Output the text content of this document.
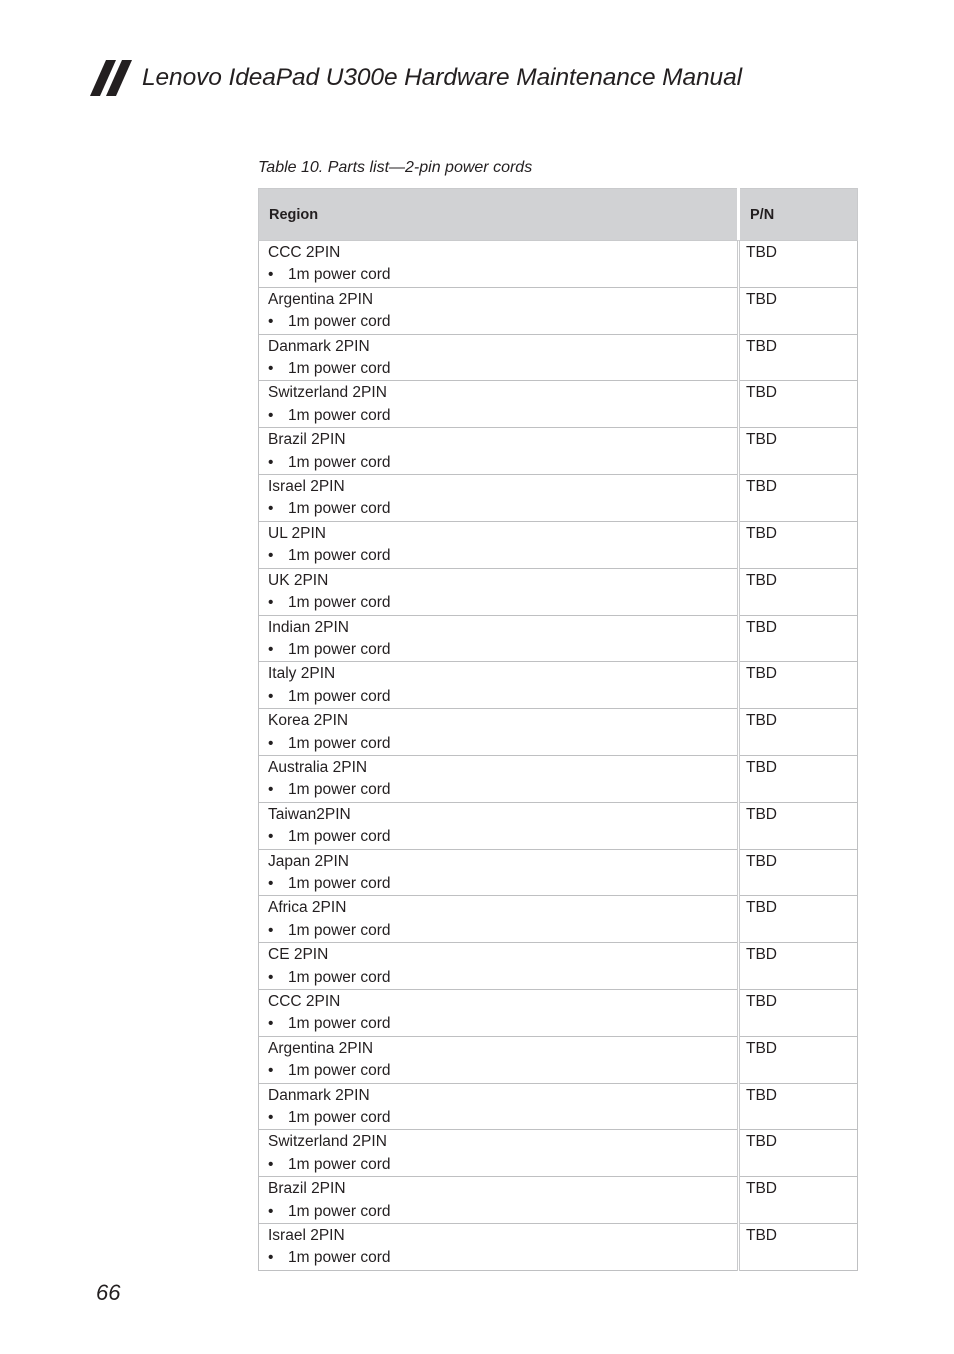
Lenovo IdeaPad U300e Hardware Maintenance Manual
Table 10. Parts list—2-pin power cords
Region	P/N

CCC 2PIN
• 1m power cord	TBD

Argentina 2PIN
• 1m power cord	TBD

Danmark 2PIN
• 1m power cord	TBD

Switzerland 2PIN
• 1m power cord	TBD

Brazil 2PIN
• 1m power cord	TBD

Israel 2PIN
• 1m power cord	TBD

UL 2PIN
• 1m power cord	TBD

UK 2PIN
• 1m power cord	TBD

Indian 2PIN
• 1m power cord	TBD

Italy 2PIN
• 1m power cord	TBD

Korea 2PIN
• 1m power cord	TBD

Australia 2PIN
• 1m power cord	TBD

Taiwan2PIN
• 1m power cord	TBD

Japan 2PIN
• 1m power cord	TBD

Africa 2PIN
• 1m power cord	TBD

CE 2PIN
• 1m power cord	TBD

CCC 2PIN
• 1m power cord	TBD

Argentina 2PIN
• 1m power cord	TBD

Danmark 2PIN
• 1m power cord	TBD

Switzerland 2PIN
• 1m power cord	TBD

Brazil 2PIN
• 1m power cord	TBD

Israel 2PIN
• 1m power cord	TBD
66
